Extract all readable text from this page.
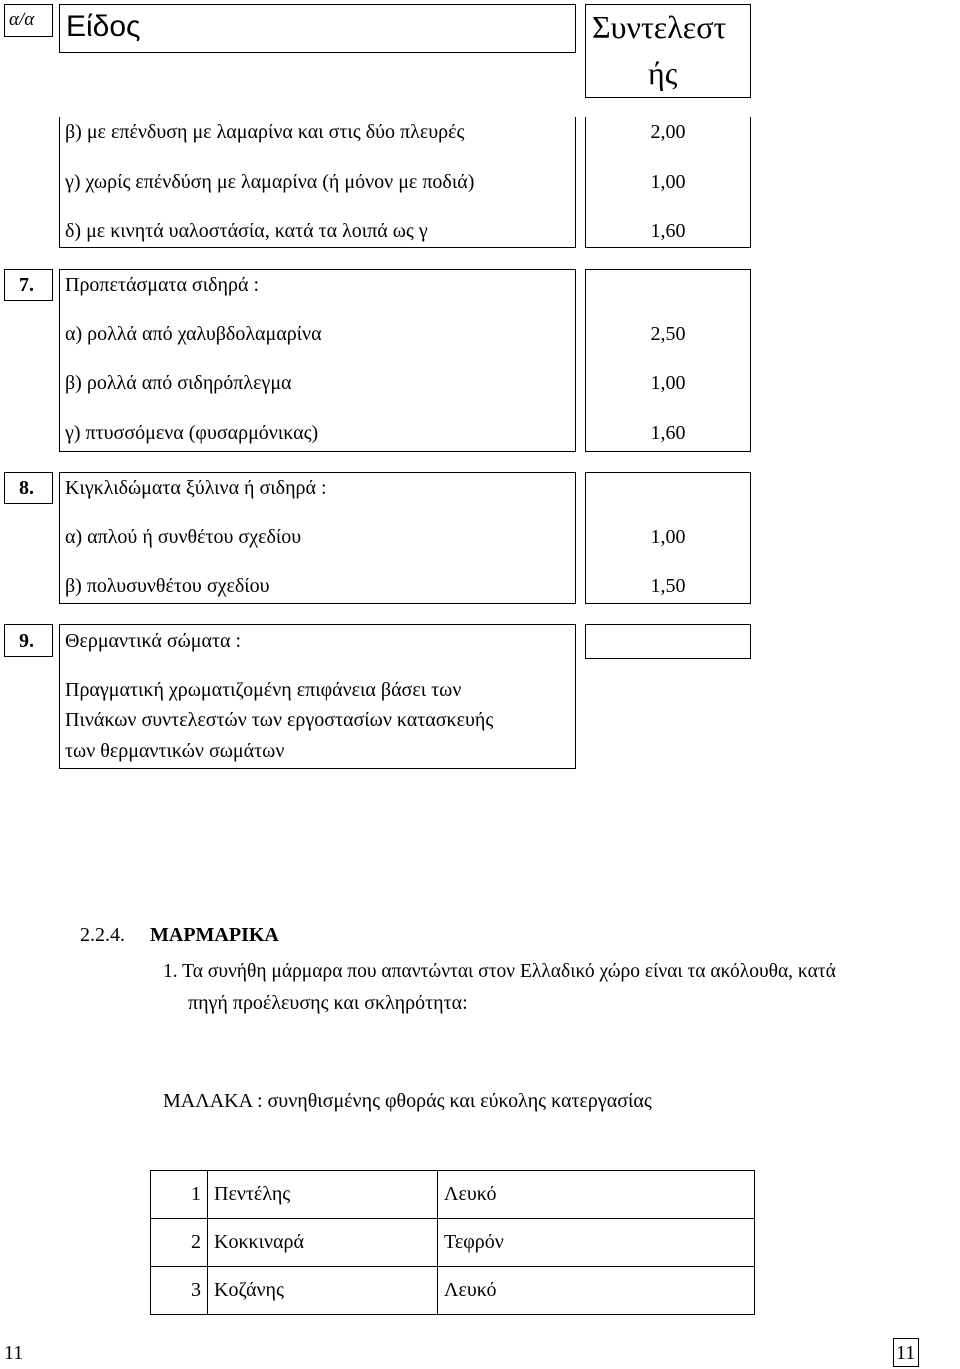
α/α Είδος	Συντελεστ
ής
β) με επένδυση με λαμαρίνα και στις δύο πλευρές	2,00
γ) χωρίς επένδύση με λαμαρίνα (ή μόνον με ποδιά)	1,00
δ) με κινητά υαλοστάσία, κατά τα λοιπά ως γ	1,60
7. Προπετάσματα σιδηρά :
α) ρολλά από χαλυβδολαμαρίνα	2,50
β) ρολλά από σιδηρόπλεγμα	1,00
γ) πτυσσόμενα (φυσαρμόνικας)	1,60
8. Κιγκλιδώματα ξύλινα ή σιδηρά :
α) απλού ή συνθέτου σχεδίου	1,00
β) πολυσυνθέτου σχεδίου	1,50
9. Θερμαντικά σώματα :
Πραγματική χρωματιζομένη επιφάνεια βάσει των
Πινάκων συντελεστών των εργοστασίων κατασκευής
των θερμαντικών σωμάτων
2.2.4. ΜΑΡΜΑΡΙΚΑ
1. Τα συνήθη μάρμαρα που απαντώνται στον Ελλαδικό χώρο είναι τα ακόλουθα, κατά
πηγή προέλευσης και σκληρότητα:
ΜΑΛΑΚΑ : συνηθισμένης φθοράς και εύκολης κατεργασίας
1	Πεντέλης	Λευκό
2	Κοκκιναρά	Τεφρόν
3	Κοζάνης	Λευκό
11	11
